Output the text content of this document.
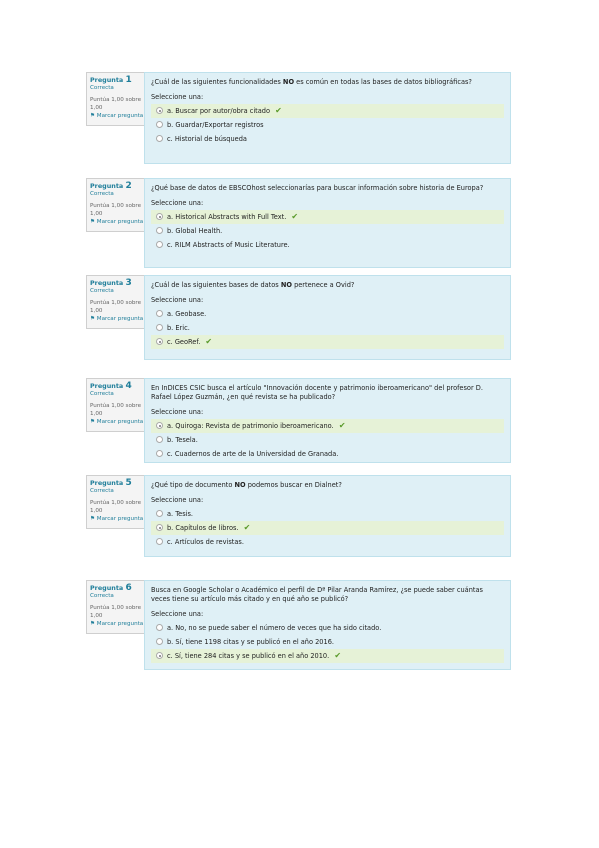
Pregunta 1
Correcta
Puntúa 1,00 sobre 1,00
⚑ Marcar pregunta
¿Cuál de las siguientes funcionalidades NO es común en todas las bases de datos bibliográficas?
Seleccione una:
a. Buscar por autor/obra citado ✔
b. Guardar/Exportar registros
c. Historial de búsqueda
Pregunta 2
Correcta
Puntúa 1,00 sobre 1,00
⚑ Marcar pregunta
¿Qué base de datos de EBSCOhost seleccionarías para buscar información sobre historia de Europa?
Seleccione una:
a. Historical Abstracts with Full Text. ✔
b. Global Health.
c. RILM Abstracts of Music Literature.
Pregunta 3
Correcta
Puntúa 1,00 sobre 1,00
⚑ Marcar pregunta
¿Cuál de las siguientes bases de datos NO pertenece a Ovid?
Seleccione una:
a. Geobase.
b. Eric.
c. GeoRef. ✔
Pregunta 4
Correcta
Puntúa 1,00 sobre 1,00
⚑ Marcar pregunta
En InDICES CSIC busca el artículo "Innovación docente y patrimonio iberoamericano" del profesor D. Rafael López Guzmán, ¿en qué revista se ha publicado?
Seleccione una:
a. Quiroga: Revista de patrimonio iberoamericano. ✔
b. Tesela.
c. Cuadernos de arte de la Universidad de Granada.
Pregunta 5
Correcta
Puntúa 1,00 sobre 1,00
⚑ Marcar pregunta
¿Qué tipo de documento NO podemos buscar en Dialnet?
Seleccione una:
a. Tesis.
b. Capítulos de libros. ✔
c. Artículos de revistas.
Pregunta 6
Correcta
Puntúa 1,00 sobre 1,00
⚑ Marcar pregunta
Busca en Google Scholar o Académico el perfil de Dª Pilar Aranda Ramírez, ¿se puede saber cuántas veces tiene su artículo más citado y en qué año se publicó?
Seleccione una:
a. No, no se puede saber el número de veces que ha sido citado.
b. Sí, tiene 1198 citas y se publicó en el año 2016.
c. Sí, tiene 284 citas y se publicó en el año 2010. ✔
